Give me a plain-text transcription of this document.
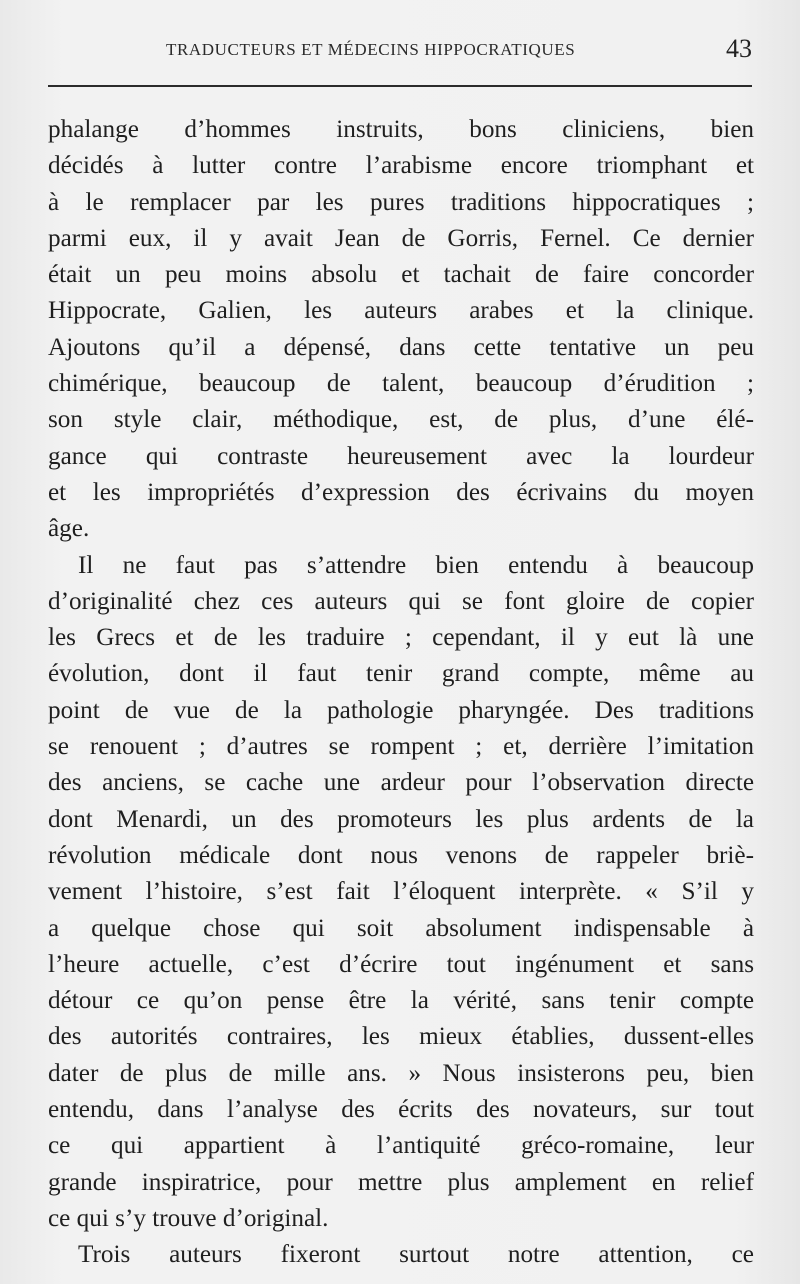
TRADUCTEURS ET MÉDECINS HIPPOCRATIQUES	43
phalange d’hommes instruits, bons cliniciens, bien
décidés à lutter contre l’arabisme encore triomphant et
à le remplacer par les pures traditions hippocratiques ;
parmi eux, il y avait Jean de Gorris, Fernel. Ce dernier
était un peu moins absolu et tachait de faire concorder
Hippocrate, Galien, les auteurs arabes et la clinique.
Ajoutons qu’il a dépensé, dans cette tentative un peu
chimérique, beaucoup de talent, beaucoup d’érudition ;
son style clair, méthodique, est, de plus, d’une élé-
gance qui contraste heureusement avec la lourdeur
et les impropriétés d’expression des écrivains du moyen
âge.
Il ne faut pas s’attendre bien entendu à beaucoup
d’originalité chez ces auteurs qui se font gloire de copier
les Grecs et de les traduire ; cependant, il y eut là une
évolution, dont il faut tenir grand compte, même au
point de vue de la pathologie pharyngée. Des traditions
se renouent ; d’autres se rompent ; et, derrière l’imitation
des anciens, se cache une ardeur pour l’observation directe
dont Menardi, un des promoteurs les plus ardents de la
révolution médicale dont nous venons de rappeler briè-
vement l’histoire, s’est fait l’éloquent interprète. « S’il y
a quelque chose qui soit absolument indispensable à
l’heure actuelle, c’est d’écrire tout ingénument et sans
détour ce qu’on pense être la vérité, sans tenir compte
des autorités contraires, les mieux établies, dussent-elles
dater de plus de mille ans. » Nous insisterons peu, bien
entendu, dans l’analyse des écrits des novateurs, sur tout
ce qui appartient à l’antiquité gréco-romaine, leur
grande inspiratrice, pour mettre plus amplement en relief
ce qui s’y trouve d’original.
Trois auteurs fixeront surtout notre attention, ce
